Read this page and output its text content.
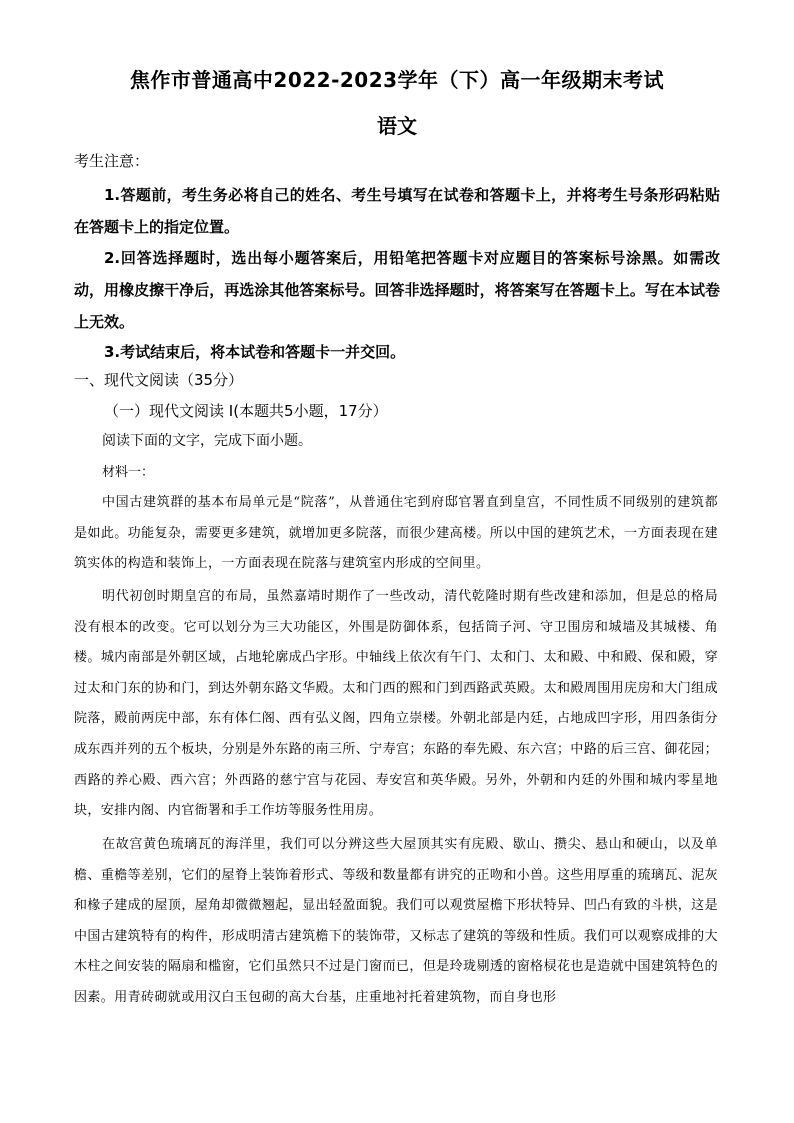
焦作市普通高中2022-2023学年（下）高一年级期末考试
语文
考生注意：

1.答题前，考生务必将自己的姓名、考生号填写在试卷和答题卡上，并将考生号条形码粘贴在答题卡上的指定位置。

2.回答选择题时，选出每小题答案后，用铅笔把答题卡对应题目的答案标号涂黑。如需改动，用橡皮擦干净后，再选涂其他答案标号。回答非选择题时，将答案写在答题卡上。写在本试卷上无效。

3.考试结束后，将本试卷和答题卡一并交回。

一、现代文阅读（35分）
（一）现代文阅读 I(本题共5小题，17分）
阅读下面的文字，完成下面小题。
材料一：

中国古建筑群的基本布局单元是“院落”，从普通住宅到府邸官署直到皇宫，不同性质不同级别的建筑都是如此。功能复杂，需要更多建筑，就增加更多院落，而很少建高楼。所以中国的建筑艺术，一方面表现在建筑实体的构造和装饰上，一方面表现在院落与建筑室内形成的空间里。

明代初创时期皇宫的布局，虽然嘉靖时期作了一些改动，清代乾隆时期有些改建和添加，但是总的格局没有根本的改变。它可以划分为三大功能区，外围是防御体系，包括筒子河、守卫围房和城墙及其城楼、角楼。城内南部是外朝区域，占地轮廓成凸字形。中轴线上依次有午门、太和门、太和殿、中和殿、保和殿，穿过太和门东的协和门，到达外朝东路文华殿。太和门西的熙和门到西路武英殿。太和殿周围用庑房和大门组成院落，殿前两庑中部，东有体仁阁、西有弘义阁，四角立崇楼。外朝北部是内廷，占地成凹字形，用四条街分成东西并列的五个板块，分别是外东路的南三所、宁寿宫；东路的奉先殿、东六宫；中路的后三宫、御花园；西路的养心殿、西六宫；外西路的慈宁宫与花园、寿安宫和英华殿。另外，外朝和内廷的外围和城内零星地块，安排内阁、内官衙署和手工作坊等服务性用房。

在故宫黄色琉璃瓦的海洋里，我们可以分辨这些大屋顶其实有庑殿、歇山、攒尖、悬山和硬山，以及单檐、重檐等差别，它们的屋脊上装饰着形式、等级和数量都有讲究的正吻和小兽。这些用厚重的琉璃瓦、泥灰和椽子建成的屋顶，屋角却微微翘起，显出轻盈面貌。我们可以观赏屋檐下形状特异、凹凸有致的斗栱，这是中国古建筑特有的构件，形成明清古建筑檐下的装饰带，又标志了建筑的等级和性质。我们可以观察成排的大木柱之间安装的隔扇和槛窗，它们虽然只不过是门窗而已，但是玲珑剔透的窗格棂花也是造就中国建筑特色的因素。用青砖砌就或用汉白玉包砌的高大台基，庄重地衬托着建筑物，而自身也形
